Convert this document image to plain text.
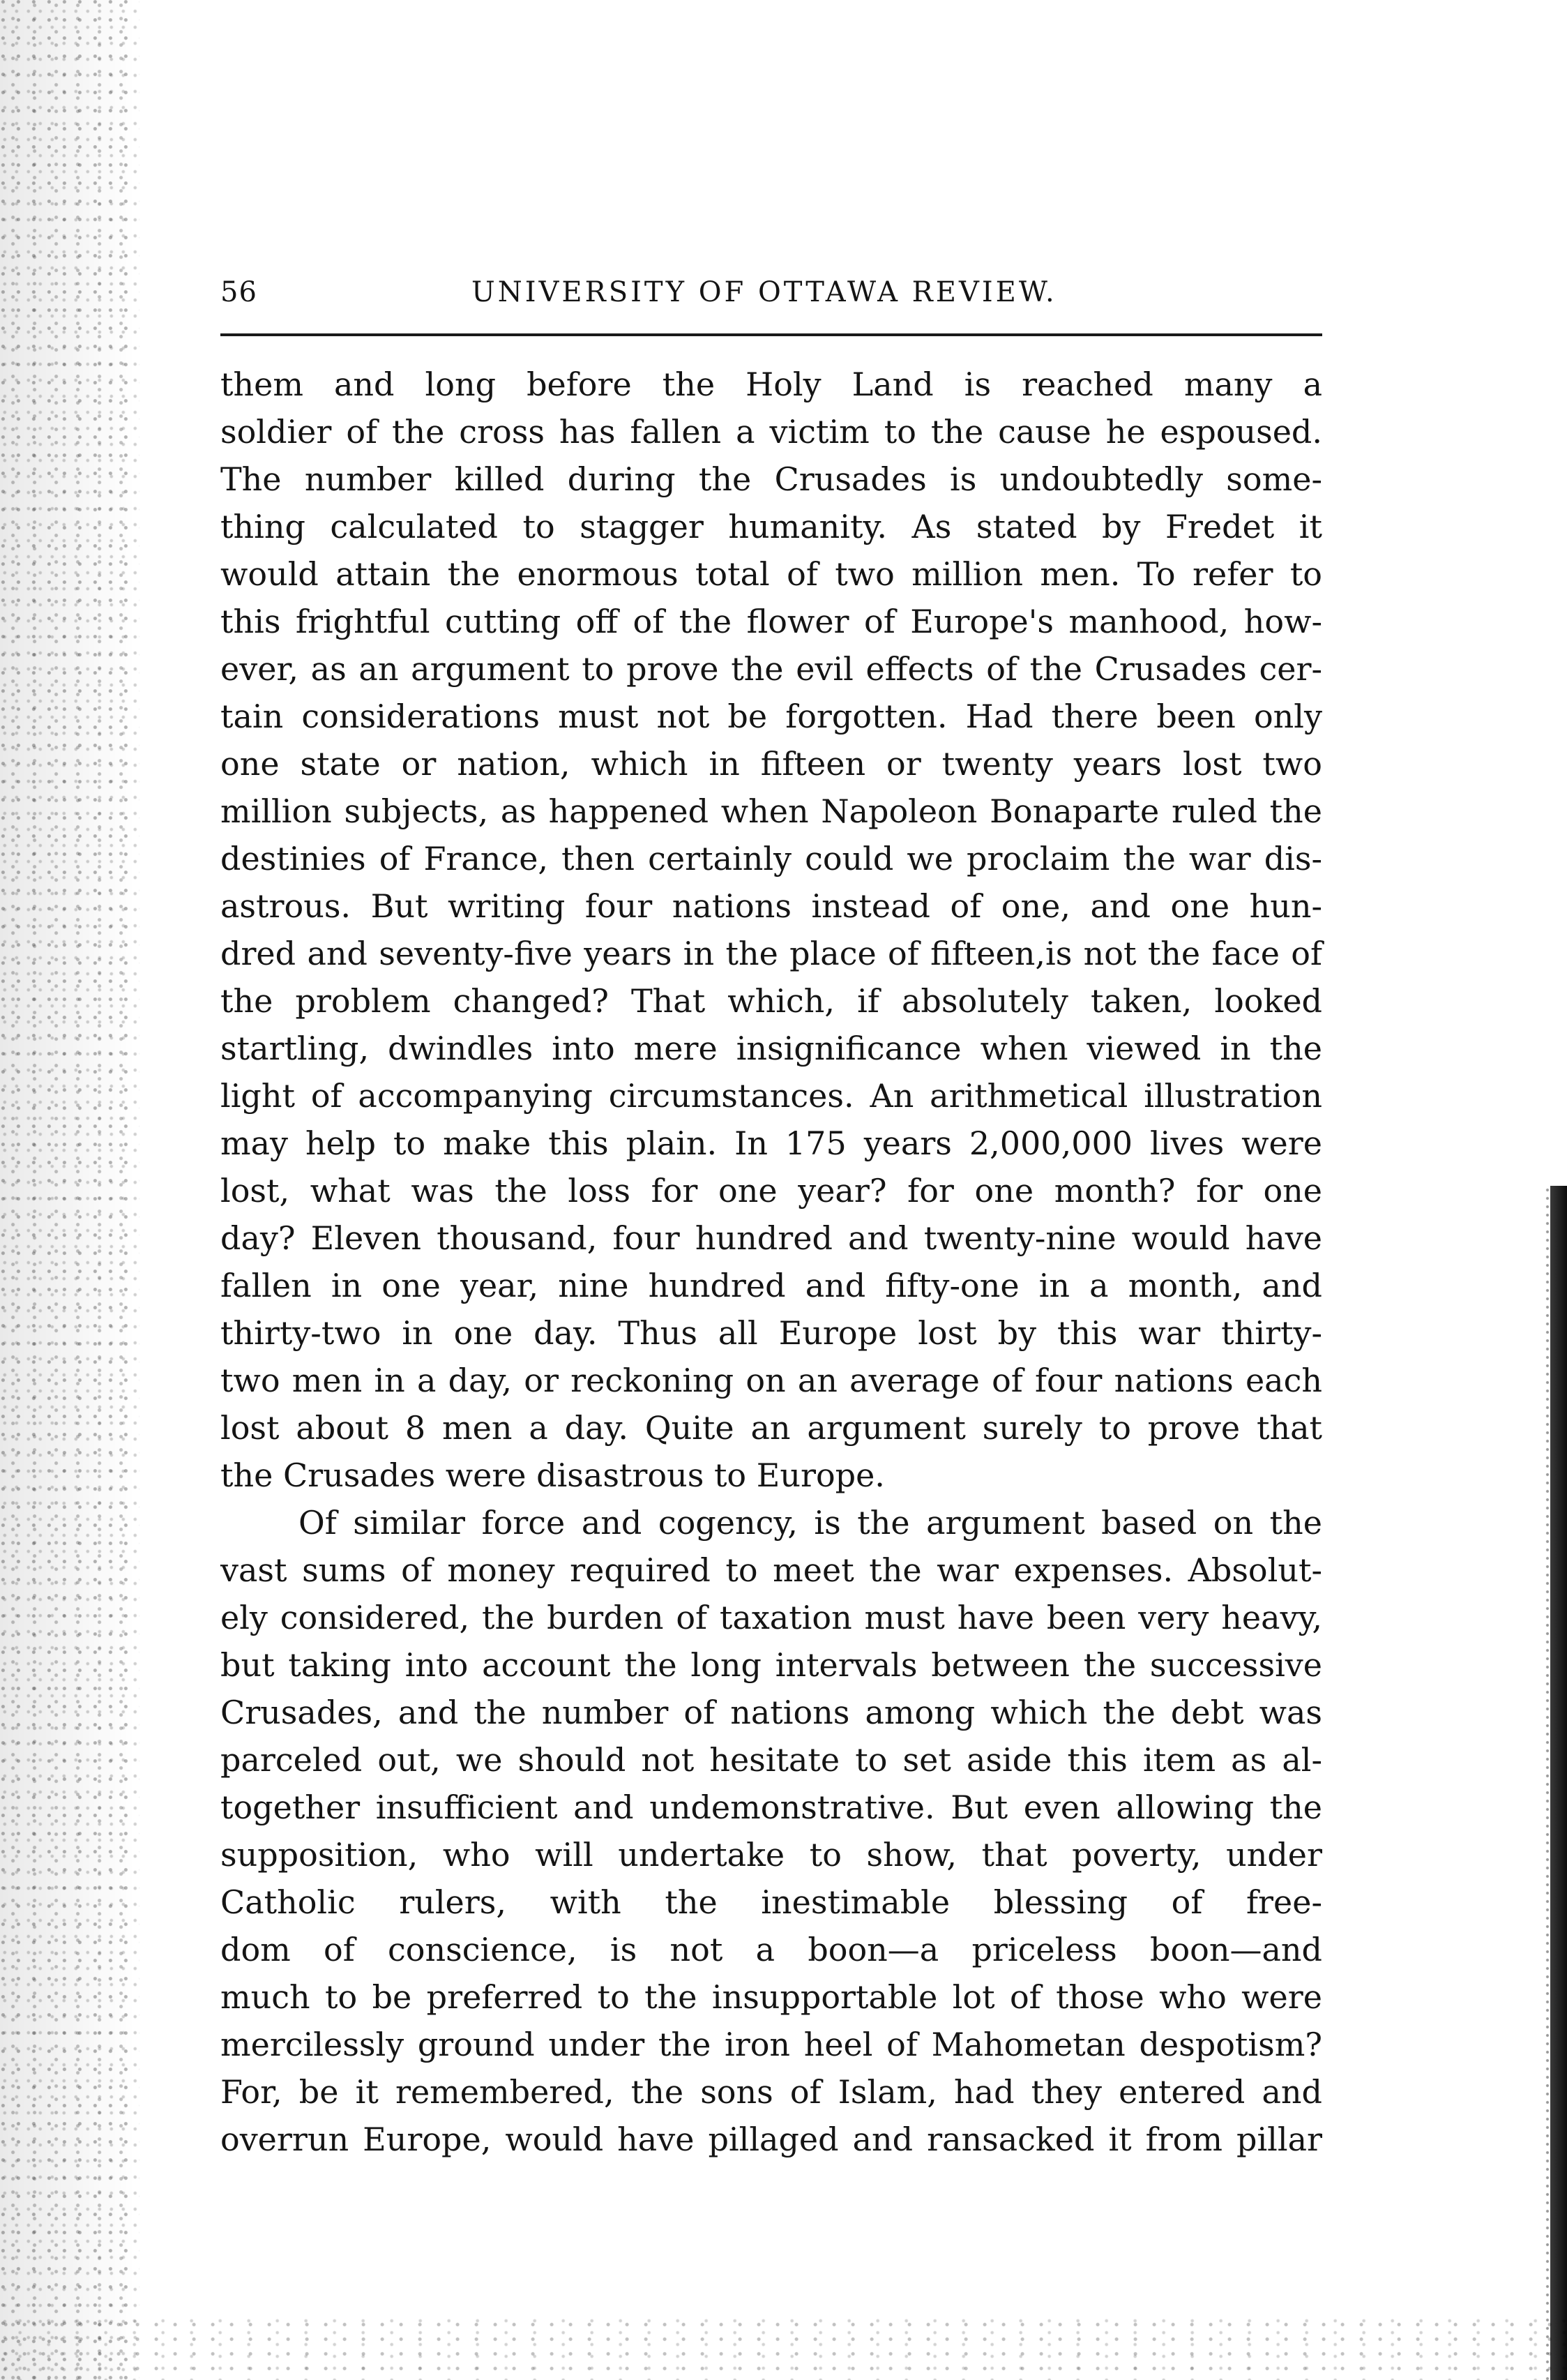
56	UNIVERSITY OF OTTAWA REVIEW.
them and long before the Holy Land is reached many a
soldier of the cross has fallen a victim to the cause he espoused.
The number killed during the Crusades is undoubtedly some-
thing calculated to stagger humanity. As stated by Fredet it
would attain the enormous total of two million men. To refer to
this frightful cutting off of the flower of Europe's manhood, how-
ever, as an argument to prove the evil effects of the Crusades cer-
tain considerations must not be forgotten. Had there been only
one state or nation, which in fifteen or twenty years lost two
million subjects, as happened when Napoleon Bonaparte ruled the
destinies of France, then certainly could we proclaim the war dis-
astrous. But writing four nations instead of one, and one hun-
dred and seventy-five years in the place of fifteen,is not the face of
the problem changed? That which, if absolutely taken, looked
startling, dwindles into mere insignificance when viewed in the
light of accompanying circumstances. An arithmetical illustration
may help to make this plain. In 175 years 2,000,000 lives were
lost, what was the loss for one year? for one month? for one
day? Eleven thousand, four hundred and twenty-nine would have
fallen in one year, nine hundred and fifty-one in a month, and
thirty-two in one day. Thus all Europe lost by this war thirty-
two men in a day, or reckoning on an average of four nations each
lost about 8 men a day. Quite an argument surely to prove that
the Crusades were disastrous to Europe.
Of similar force and cogency, is the argument based on the
vast sums of money required to meet the war expenses. Absolut-
ely considered, the burden of taxation must have been very heavy,
but taking into account the long intervals between the successive
Crusades, and the number of nations among which the debt was
parceled out, we should not hesitate to set aside this item as al-
together insufficient and undemonstrative. But even allowing the
supposition, who will undertake to show, that poverty, under
Catholic rulers, with the inestimable blessing of free-
dom of conscience, is not a boon—a priceless boon—and
much to be preferred to the insupportable lot of those who were
mercilessly ground under the iron heel of Mahometan despotism?
For, be it remembered, the sons of Islam, had they entered and
overrun Europe, would have pillaged and ransacked it from pillar
